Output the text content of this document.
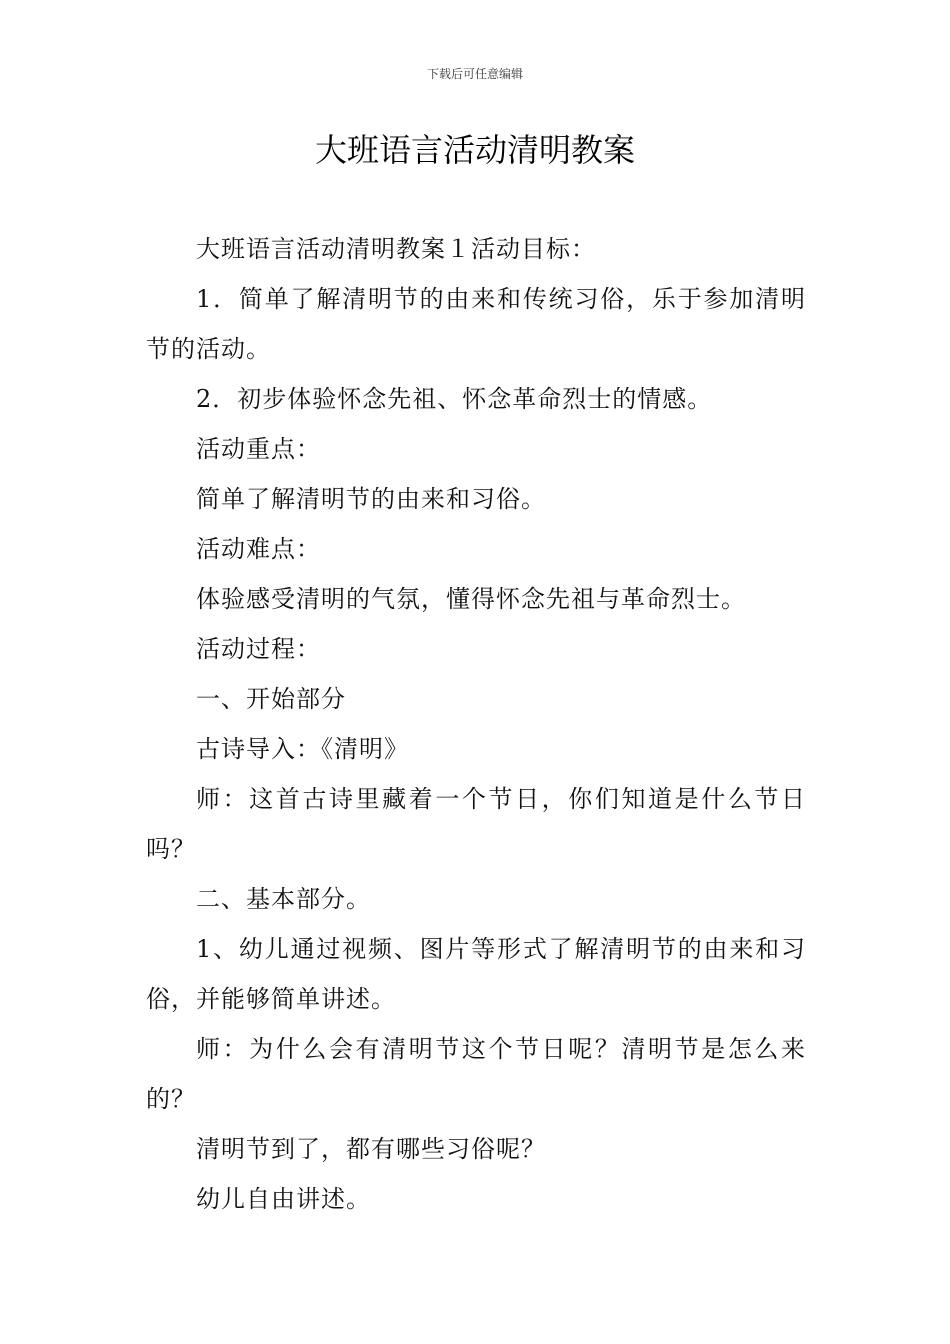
下载后可任意编辑
大班语言活动清明教案

大班语言活动清明教案１活动目标：

1．简单了解清明节的由来和传统习俗，乐于参加清明节的活动。

2．初步体验怀念先祖、怀念革命烈士的情感。

活动重点：

简单了解清明节的由来和习俗。

活动难点：

体验感受清明的气氛，懂得怀念先祖与革命烈士。

活动过程：

一、开始部分

古诗导入：《清明》

师：这首古诗里藏着一个节日，你们知道是什么节日吗？

二、基本部分。

1、幼儿通过视频、图片等形式了解清明节的由来和习俗，并能够简单讲述。

师：为什么会有清明节这个节日呢？清明节是怎么来的？

清明节到了，都有哪些习俗呢？

幼儿自由讲述。
